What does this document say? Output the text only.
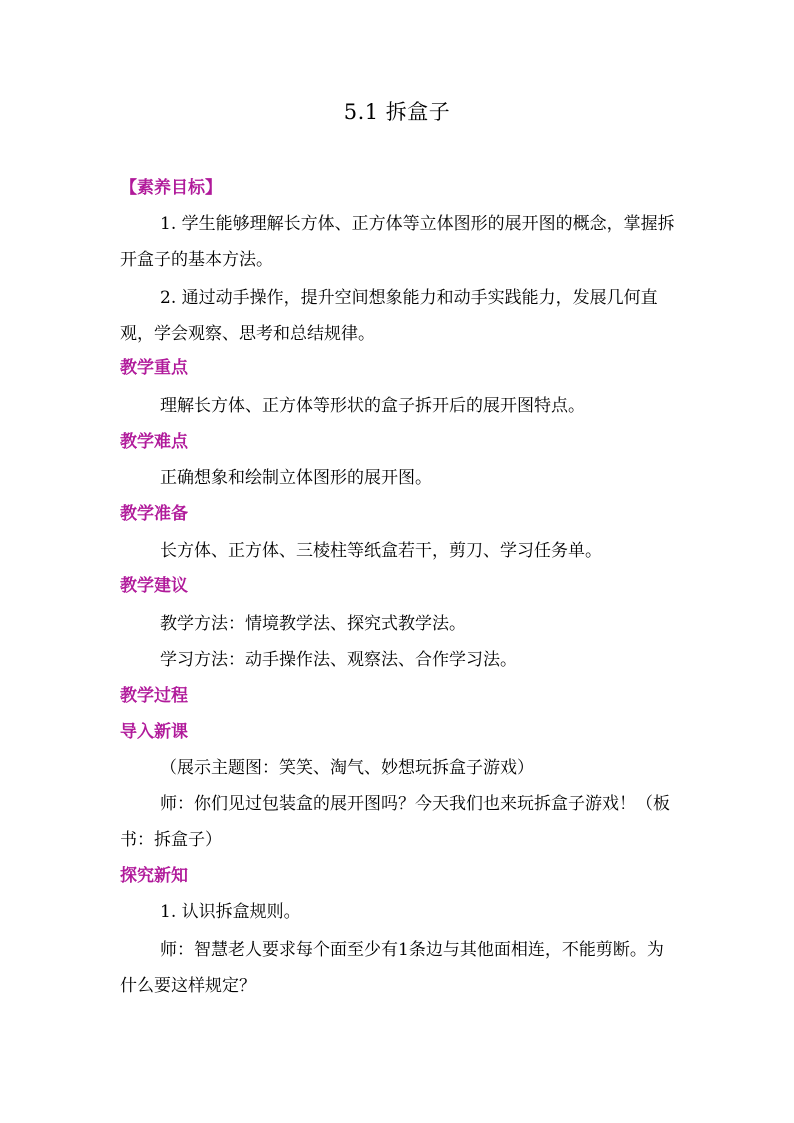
5.1 拆盒子
【素养目标】

1. 学生能够理解长方体、正方体等立体图形的展开图的概念，掌握拆开盒子的基本方法。

2. 通过动手操作，提升空间想象能力和动手实践能力，发展几何直观，学会观察、思考和总结规律。

教学重点
理解长方体、正方体等形状的盒子拆开后的展开图特点。
教学难点
正确想象和绘制立体图形的展开图。
教学准备
长方体、正方体、三棱柱等纸盒若干，剪刀、学习任务单。
教学建议
教学方法：情境教学法、探究式教学法。
学习方法：动手操作法、观察法、合作学习法。
教学过程
导入新课
（展示主题图：笑笑、淘气、妙想玩拆盒子游戏）

师：你们见过包装盒的展开图吗？今天我们也来玩拆盒子游戏！（板书：拆盒子）

探究新知
1. 认识拆盒规则。

师：智慧老人要求每个面至少有1条边与其他面相连，不能剪断。为什么要这样规定？
